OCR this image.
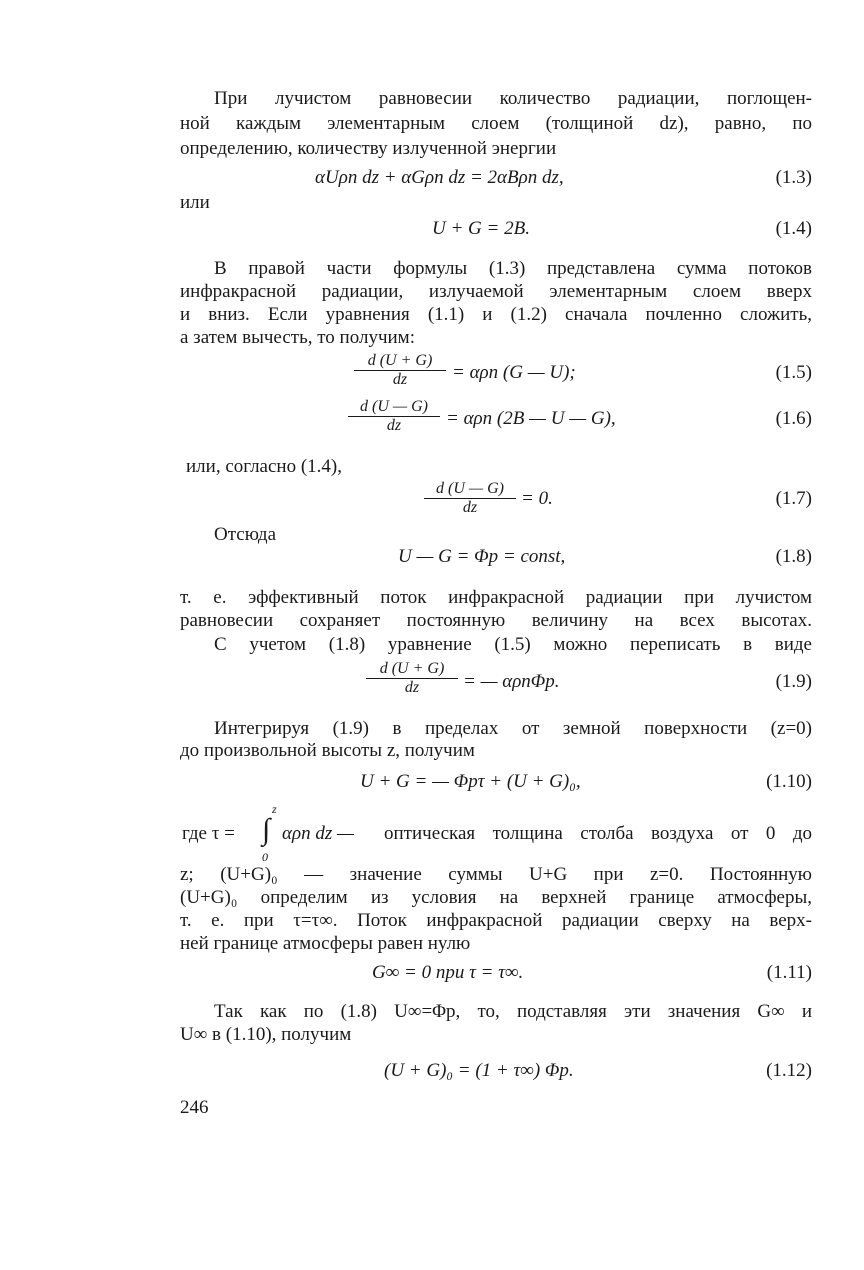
При лучистом равновесии количество радиации, поглощен-
ной каждым элементарным слоем (толщиной dz), равно, по
определению, количеству излученной энергии
αUρп dz + αGρп dz = 2αBρп dz,	(1.3)
или
U + G = 2B.	(1.4)
В правой части формулы (1.3) представлена сумма потоков
инфракрасной радиации, излучаемой элементарным слоем вверх
и вниз. Если уравнения (1.1) и (1.2) сначала почленно сложить,
а затем вычесть, то получим:
d (U + G)
dz	= αρп (G — U);	(1.5)
d (U — G)
dz	= αρп (2B — U — G),	(1.6)
или, согласно (1.4),
d (U — G)
dz	= 0.	(1.7)
Отсюда
U — G = Φр = const,	(1.8)
т. е. эффективный поток инфракрасной радиации при лучистом
равновесии сохраняет постоянную величину на всех высотах.
С учетом (1.8) уравнение (1.5) можно переписать в виде
d (U + G)
dz	= — αρпΦр.	(1.9)
Интегрируя (1.9) в пределах от земной поверхности (z=0)
до произвольной высоты z, получим
U + G = — Φрτ + (U + G)₀,	(1.10)
где τ =
z
∫
0
αρп dz — оптическая толщина столба воздуха от 0 до
z; (U+G)₀ — значение суммы U+G при z=0. Постоянную
(U+G)₀ определим из условия на верхней границе атмосферы,
т. е. при τ=τ∞. Поток инфракрасной радиации сверху на верх-
ней границе атмосферы равен нулю
G∞ = 0 при τ = τ∞.	(1.11)
Так как по (1.8) U∞=Φр, то, подставляя эти значения G∞ и
U∞ в (1.10), получим
(U + G)₀ = (1 + τ∞) Φр.	(1.12)
246
